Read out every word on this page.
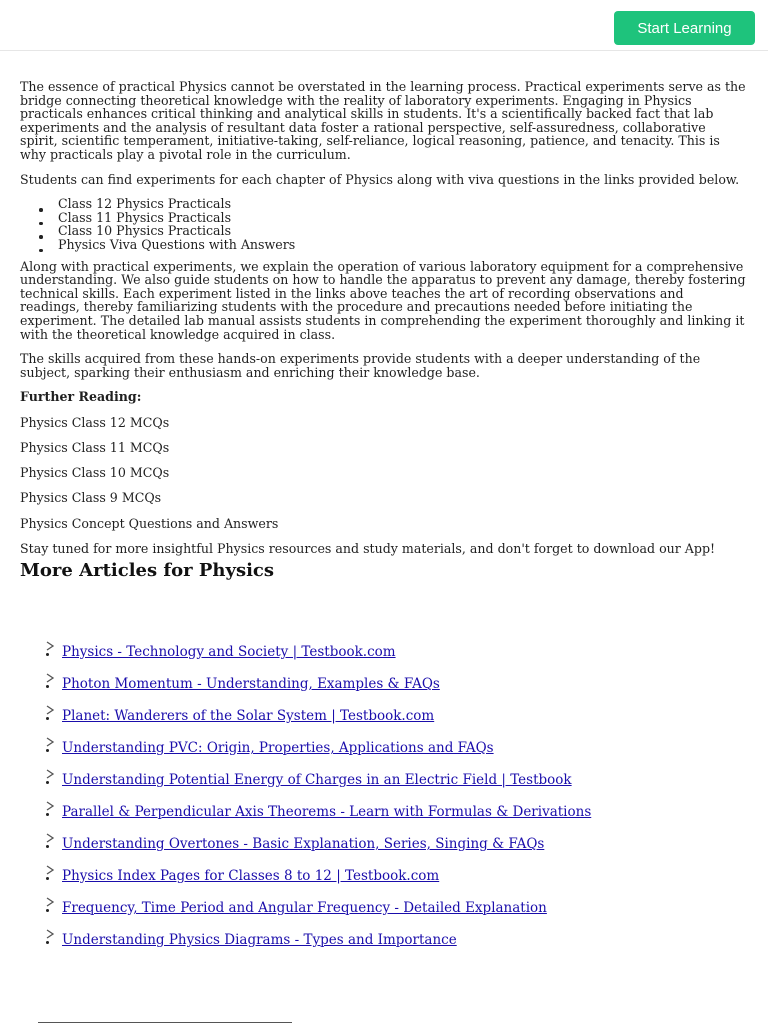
Start Learning

The essence of practical Physics cannot be overstated in the learning process. Practical experiments serve as the bridge connecting theoretical knowledge with the reality of laboratory experiments. Engaging in Physics practicals enhances critical thinking and analytical skills in students. It's a scientifically backed fact that lab experiments and the analysis of resultant data foster a rational perspective, self-assuredness, collaborative spirit, scientific temperament, initiative-taking, self-reliance, logical reasoning, patience, and tenacity. This is why practicals play a pivotal role in the curriculum.

Students can find experiments for each chapter of Physics along with viva questions in the links provided below.

Class 12 Physics Practicals
Class 11 Physics Practicals
Class 10 Physics Practicals
Physics Viva Questions with Answers

Along with practical experiments, we explain the operation of various laboratory equipment for a comprehensive understanding. We also guide students on how to handle the apparatus to prevent any damage, thereby fostering technical skills. Each experiment listed in the links above teaches the art of recording observations and readings, thereby familiarizing students with the procedure and precautions needed before initiating the experiment. The detailed lab manual assists students in comprehending the experiment thoroughly and linking it with the theoretical knowledge acquired in class.

The skills acquired from these hands-on experiments provide students with a deeper understanding of the subject, sparking their enthusiasm and enriching their knowledge base.

Further Reading:
Physics Class 12 MCQs
Physics Class 11 MCQs
Physics Class 10 MCQs
Physics Class 9 MCQs
Physics Concept Questions and Answers
Stay tuned for more insightful Physics resources and study materials, and don't forget to download our App!
More Articles for Physics
Physics - Technology and Society | Testbook.com
Photon Momentum - Understanding, Examples & FAQs
Planet: Wanderers of the Solar System | Testbook.com
Understanding PVC: Origin, Properties, Applications and FAQs
Understanding Potential Energy of Charges in an Electric Field | Testbook
Parallel & Perpendicular Axis Theorems - Learn with Formulas & Derivations
Understanding Overtones - Basic Explanation, Series, Singing & FAQs
Physics Index Pages for Classes 8 to 12 | Testbook.com
Frequency, Time Period and Angular Frequency - Detailed Explanation
Understanding Physics Diagrams - Types and Importance
